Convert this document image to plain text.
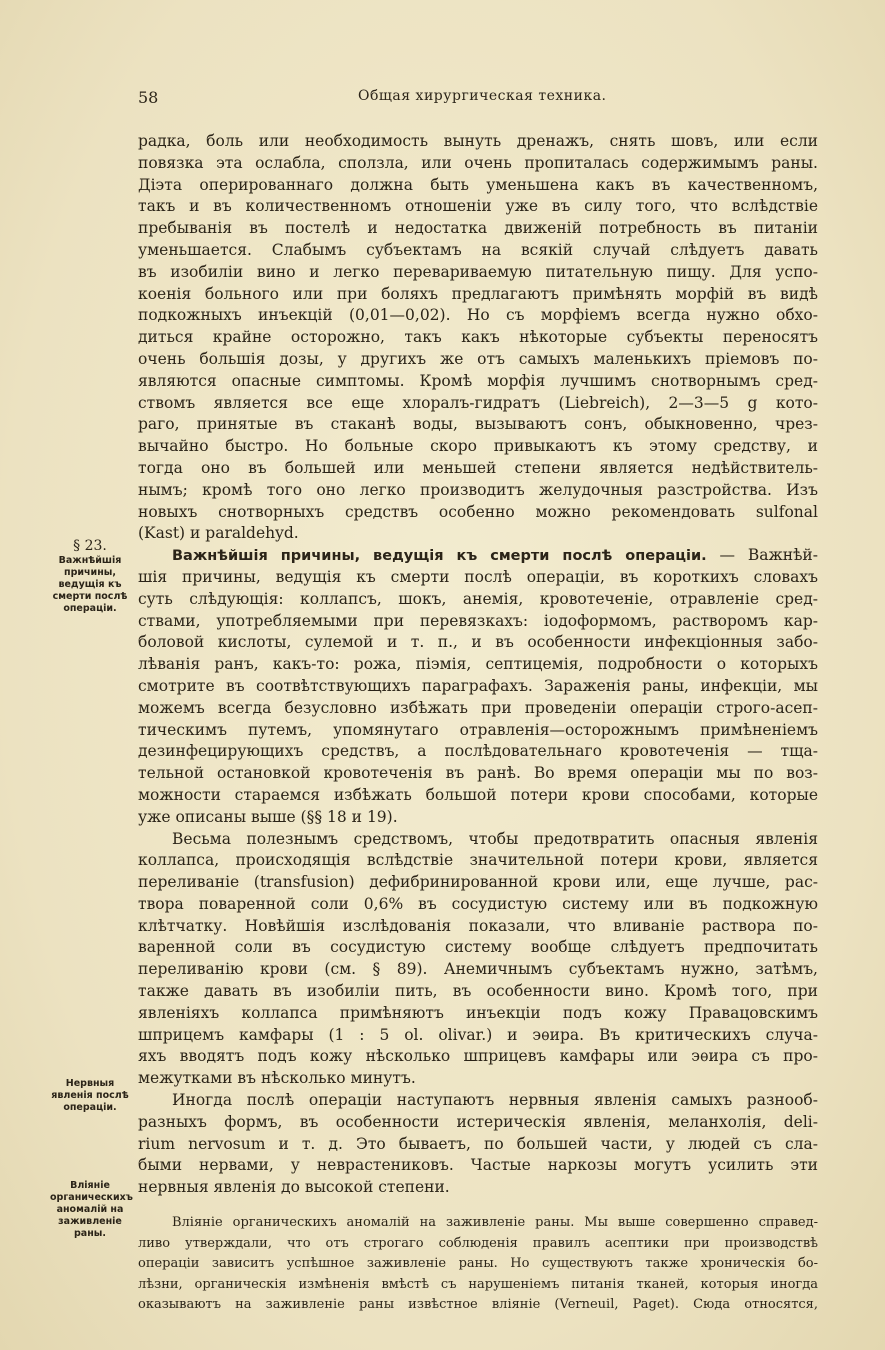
58	Общая хирургическая техника.
§ 23.
Важнѣйшія причины, ведущія къ смерти послѣ операціи.
Нервныя явленія послѣ операціи.
Вліяніе органическихъ аномалій на заживленіе раны.
радка, боль или необходимость вынуть дренажъ, снять шовъ, или если
повязка эта ослабла, сползла, или очень пропиталась содержимымъ раны.
Діэта оперированнаго должна быть уменьшена какъ въ качественномъ,
такъ и въ количественномъ отношеніи уже въ силу того, что вслѣдствіе
пребыванія въ постелѣ и недостатка движеній потребность въ питаніи
уменьшается. Слабымъ субъектамъ на всякій случай слѣдуетъ давать
въ изобиліи вино и легко перевариваемую питательную пищу. Для успо-
коенія больного или при боляхъ предлагаютъ примѣнять морфій въ видѣ
подкожныхъ инъекцій (0,01—0,02). Но съ морфіемъ всегда нужно обхо-
диться крайне осторожно, такъ какъ нѣкоторые субъекты переносятъ
очень большія дозы, у другихъ же отъ самыхъ маленькихъ пріемовъ по-
являются опасные симптомы. Кромѣ морфія лучшимъ снотворнымъ сред-
ствомъ является все еще хлоралъ-гидратъ (Liebreich), 2—3—5 g кото-
раго, принятые въ стаканѣ воды, вызываютъ сонъ, обыкновенно, чрез-
вычайно быстро. Но больные скоро привыкаютъ къ этому средству, и
тогда оно въ большей или меньшей степени является недѣйствитель-
нымъ; кромѣ того оно легко производитъ желудочныя разстройства. Изъ
новыхъ снотворныхъ средствъ особенно можно рекомендовать sulfonal
(Kast) и paraldehyd.
Важнѣйшія причины, ведущія къ смерти послѣ операціи. — Важнѣй-
шія причины, ведущія къ смерти послѣ операціи, въ короткихъ словахъ
суть слѣдующія: коллапсъ, шокъ, анемія, кровотеченіе, отравленіе сред-
ствами, употребляемыми при перевязкахъ: іодоформомъ, растворомъ кар-
боловой кислоты, сулемой и т. п., и въ особенности инфекціонныя забо-
лѣванія ранъ, какъ-то: рожа, піэмія, септицемія, подробности о которыхъ
смотрите въ соотвѣтствующихъ параграфахъ. Зараженія раны, инфекціи, мы
можемъ всегда безусловно избѣжать при проведеніи операціи строго-асеп-
тическимъ путемъ, упомянутаго отравленія—осторожнымъ примѣненіемъ
дезинфецирующихъ средствъ, а послѣдовательнаго кровотеченія — тща-
тельной остановкой кровотеченія въ ранѣ. Во время операціи мы по воз-
можности стараемся избѣжать большой потери крови способами, которые
уже описаны выше (§§ 18 и 19).
Весьма полезнымъ средствомъ, чтобы предотвратить опасныя явленія
коллапса, происходящія вслѣдствіе значительной потери крови, является
переливаніе (transfusion) дефибринированной крови или, еще лучше, рас-
твора поваренной соли 0,6% въ сосудистую систему или въ подкожную
клѣтчатку. Новѣйшія изслѣдованія показали, что вливаніе раствора по-
варенной соли въ сосудистую систему вообще слѣдуетъ предпочитать
переливанію крови (см. § 89). Анемичнымъ субъектамъ нужно, затѣмъ,
также давать въ изобиліи пить, въ особенности вино. Кромѣ того, при
явленіяхъ коллапса примѣняютъ инъекціи подъ кожу Правацовскимъ
шприцемъ камфары (1 : 5 ol. olivar.) и эѳира. Въ критическихъ случа-
яхъ вводятъ подъ кожу нѣсколько шприцевъ камфары или эѳира съ про-
межутками въ нѣсколько минутъ.
Иногда послѣ операціи наступаютъ нервныя явленія самыхъ разнооб-
разныхъ формъ, въ особенности истерическія явленія, меланхолія, deli-
rium nervosum и т. д. Это бываетъ, по большей части, у людей съ сла-
быми нервами, у неврастениковъ. Частые наркозы могутъ усилить эти
нервныя явленія до высокой степени.
Вліяніе органическихъ аномалій на заживленіе раны. Мы выше совершенно справед-
ливо утверждали, что отъ строгаго соблюденія правилъ асептики при производствѣ
операціи зависитъ успѣшное заживленіе раны. Но существуютъ также хроническія бо-
лѣзни, органическія измѣненія вмѣстѣ съ нарушеніемъ питанія тканей, которыя иногда
оказываютъ на заживленіе раны извѣстное вліяніе (Verneuil, Paget). Сюда относятся,
